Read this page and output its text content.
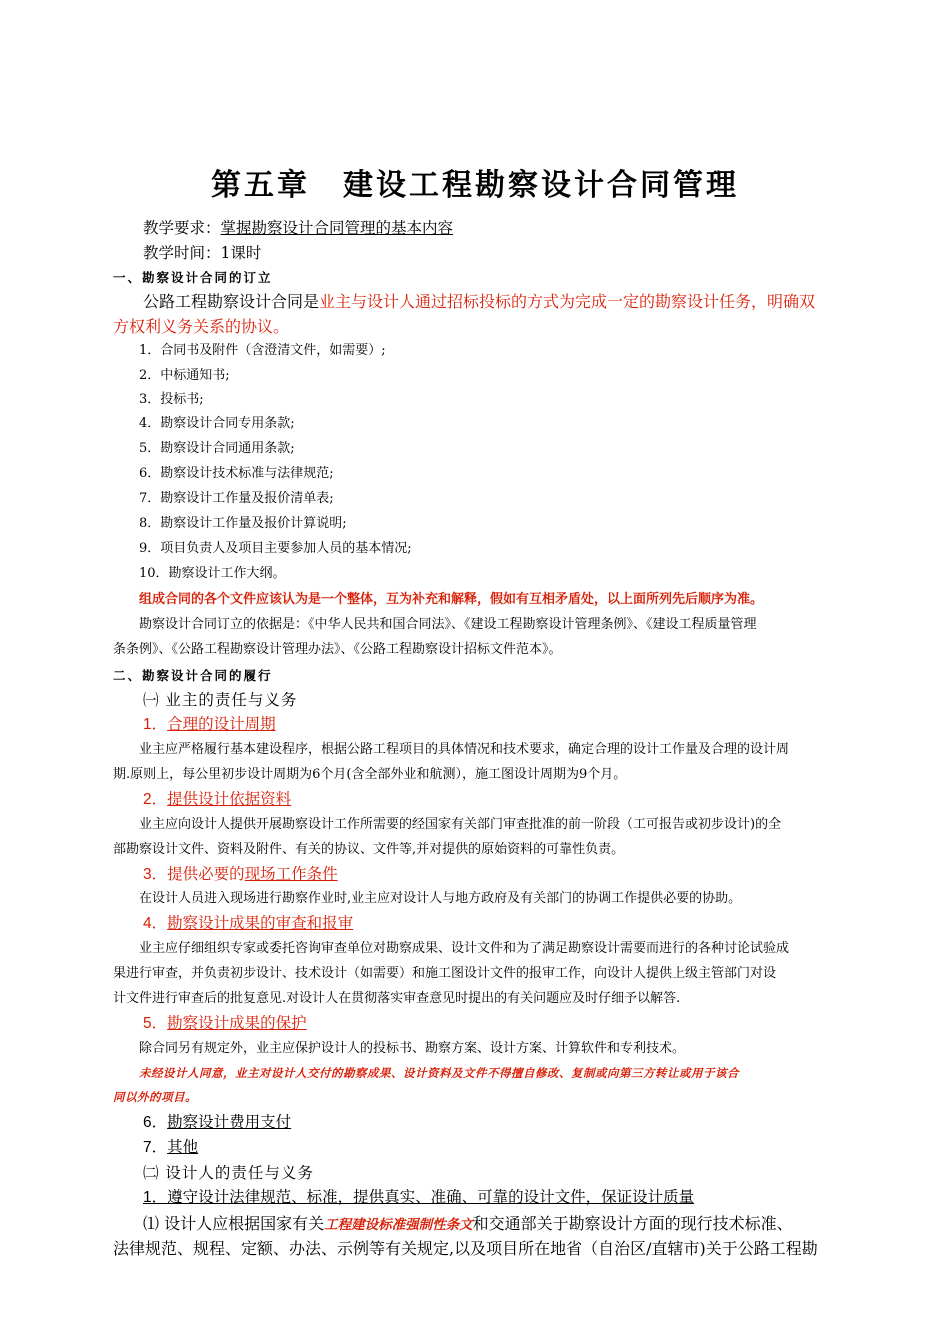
第五章　建设工程勘察设计合同管理
教学要求：掌握勘察设计合同管理的基本内容
教学时间：1课时
一、勘察设计合同的订立
公路工程勘察设计合同是业主与设计人通过招标投标的方式为完成一定的勘察设计任务，明确双
方权利义务关系的协议。
1．合同书及附件（含澄清文件，如需要）;
2．中标通知书;
3．投标书;
4．勘察设计合同专用条款;
5．勘察设计合同通用条款;
6．勘察设计技术标准与法律规范;
7．勘察设计工作量及报价清单表;
8．勘察设计工作量及报价计算说明;
9．项目负责人及项目主要参加人员的基本情况;
10．勘察设计工作大纲。
组成合同的各个文件应该认为是一个整体，互为补充和解释，假如有互相矛盾处，以上面所列先后顺序为准。
勘察设计合同订立的依据是：《中华人民共和国合同法》、《建设工程勘察设计管理条例》、《建设工程质量管理
条条例》、《公路工程勘察设计管理办法》、《公路工程勘察设计招标文件范本》。
二、勘察设计合同的履行
㈠ 业主的责任与义务
1．合理的设计周期
业主应严格履行基本建设程序，根据公路工程项目的具体情况和技术要求，确定合理的设计工作量及合理的设计周
期.原则上，每公里初步设计周期为6个月(含全部外业和航测），施工图设计周期为9个月。
2．提供设计依据资料
业主应向设计人提供开展勘察设计工作所需要的经国家有关部门审查批准的前一阶段（工可报告或初步设计)的全
部勘察设计文件、资料及附件、有关的协议、文件等,并对提供的原始资料的可靠性负责。
3．提供必要的现场工作条件
在设计人员进入现场进行勘察作业时,业主应对设计人与地方政府及有关部门的协调工作提供必要的协助。
4．勘察设计成果的审查和报审
业主应仔细组织专家或委托咨询审查单位对勘察成果、设计文件和为了满足勘察设计需要而进行的各种讨论试验成
果进行审查，并负责初步设计、技术设计（如需要）和施工图设计文件的报审工作，向设计人提供上级主管部门对设
计文件进行审查后的批复意见.对设计人在贯彻落实审查意见时提出的有关问题应及时仔细予以解答.
5．勘察设计成果的保护
除合同另有规定外，业主应保护设计人的投标书、勘察方案、设计方案、计算软件和专利技术。
未经设计人同意，业主对设计人交付的勘察成果、设计资料及文件不得擅自修改、复制或向第三方转让或用于该合
同以外的项目。
6．勘察设计费用支付
7．其他
㈡ 设计人的责任与义务
1．遵守设计法律规范、标准，提供真实、准确、可靠的设计文件，保证设计质量
⑴ 设计人应根据国家有关工程建设标准强制性条文和交通部关于勘察设计方面的现行技术标准、
法律规范、规程、定额、办法、示例等有关规定,以及项目所在地省（自治区/直辖市)关于公路工程勘
